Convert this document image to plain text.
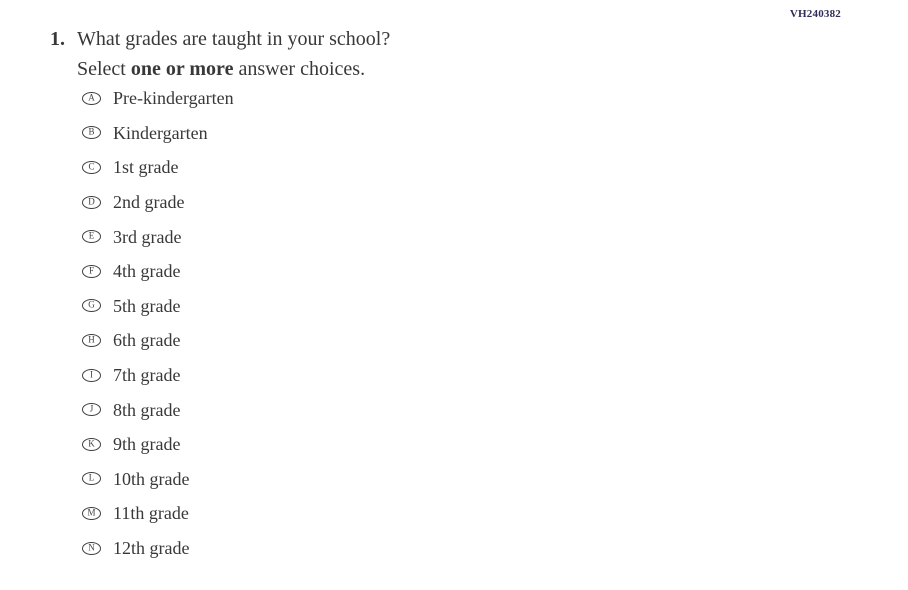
VH240382
1. What grades are taught in your school?
Select one or more answer choices.
A Pre-kindergarten
B Kindergarten
C 1st grade
D 2nd grade
E 3rd grade
F 4th grade
G 5th grade
H 6th grade
I 7th grade
J 8th grade
K 9th grade
L 10th grade
M 11th grade
N 12th grade
